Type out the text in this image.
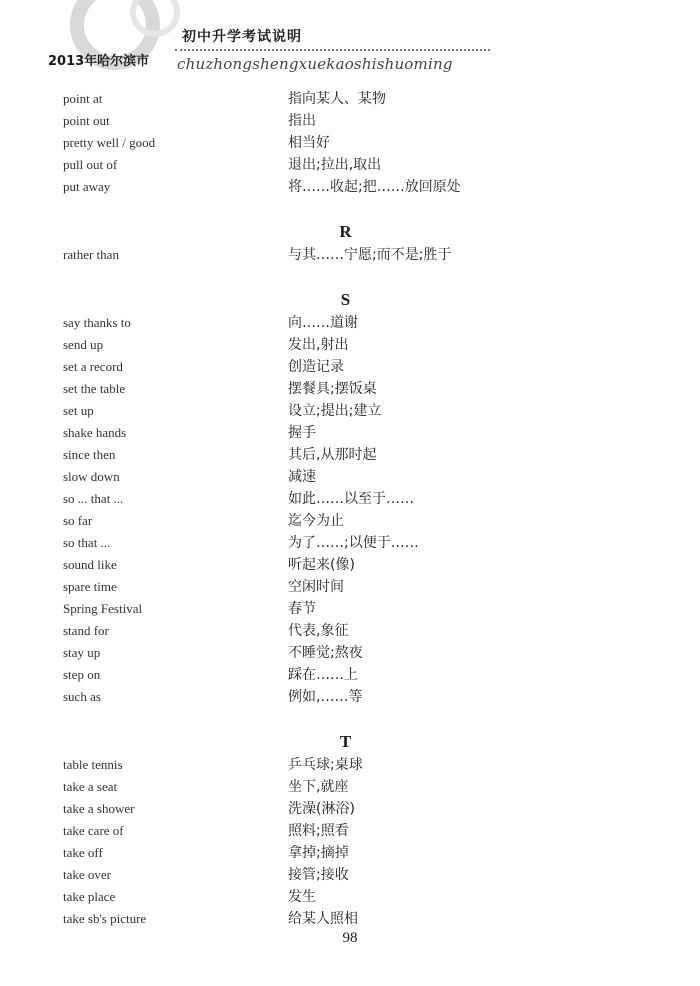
初中升学考试说明
2013年哈尔滨市 chuzhongshengxuekaoshishuoming
point at	指向某人、某物
point out	指出
pretty well / good	相当好
pull out of	退出;拉出,取出
put away	将……收起;把……放回原处
R
rather than	与其……宁愿;而不是;胜于
S
say thanks to	向……道谢
send up	发出,射出
set a record	创造记录
set the table	摆餐具;摆饭桌
set up	设立;提出;建立
shake hands	握手
since then	其后,从那时起
slow down	减速
so ... that ...	如此……以至于……
so far	迄今为止
so that ...	为了……;以便于……
sound like	听起来(像)
spare time	空闲时间
Spring Festival	春节
stand for	代表,象征
stay up	不睡觉;熬夜
step on	踩在……上
such as	例如,……等
T
table tennis	乒乓球;桌球
take a seat	坐下,就座
take a shower	洗澡(淋浴)
take care of	照料;照看
take off	拿掉;摘掉
take over	接管;接收
take place	发生
take sb's picture	给某人照相
98
